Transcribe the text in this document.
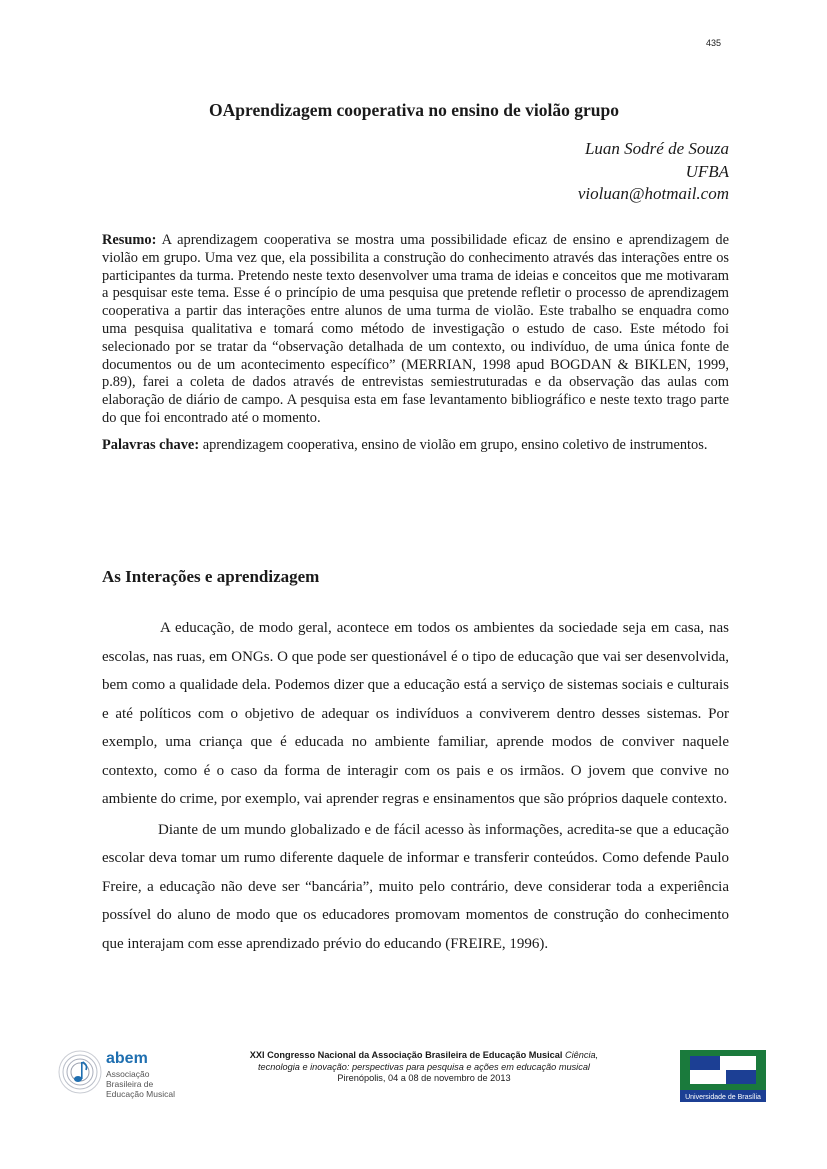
435
OAprendizagem cooperativa no ensino de violão grupo
Luan Sodré de Souza
UFBA
violuan@hotmail.com

Resumo: A aprendizagem cooperativa se mostra uma possibilidade eficaz de ensino e aprendizagem de violão em grupo. Uma vez que, ela possibilita a construção do conhecimento através das interações entre os participantes da turma. Pretendo neste texto desenvolver uma trama de ideias e conceitos que me motivaram a pesquisar este tema. Esse é o princípio de uma pesquisa que pretende refletir o processo de aprendizagem cooperativa a partir das interações entre alunos de uma turma de violão. Este trabalho se enquadra como uma pesquisa qualitativa e tomará como método de investigação o estudo de caso. Este método foi selecionado por se tratar da “observação detalhada de um contexto, ou indivíduo, de uma única fonte de documentos ou de um acontecimento específico” (MERRIAN, 1998 apud BOGDAN & BIKLEN, 1999, p.89), farei a coleta de dados através de entrevistas semiestruturadas e da observação das aulas com elaboração de diário de campo. A pesquisa esta em fase levantamento bibliográfico e neste texto trago parte do que foi encontrado até o momento.

Palavras chave: aprendizagem cooperativa, ensino de violão em grupo, ensino coletivo de instrumentos.

As Interações e aprendizagem

A educação, de modo geral, acontece em todos os ambientes da sociedade seja em casa, nas escolas, nas ruas, em ONGs. O que pode ser questionável é o tipo de educação que vai ser desenvolvida, bem como a qualidade dela. Podemos dizer que a educação está a serviço de sistemas sociais e culturais e até políticos com o objetivo de adequar os indivíduos a conviverem dentro desses sistemas. Por exemplo, uma criança que é educada no ambiente familiar, aprende modos de conviver naquele contexto, como é o caso da forma de interagir com os pais e os irmãos. O jovem que convive no ambiente do crime, por exemplo, vai aprender regras e ensinamentos que são próprios daquele contexto.

Diante de um mundo globalizado e de fácil acesso às informações, acredita-se que a educação escolar deva tomar um rumo diferente daquele de informar e transferir conteúdos. Como defende Paulo Freire, a educação não deve ser “bancária”, muito pelo contrário, deve considerar toda a experiência possível do aluno de modo que os educadores promovam momentos de construção do conhecimento que interajam com esse aprendizado prévio do educando (FREIRE, 1996).

abem
Associação Brasileira de Educação Musical
XXI Congresso Nacional da Associação Brasileira de Educação Musical Ciência,
tecnologia e inovação: perspectivas para pesquisa e ações em educação musical
Pirenópolis, 04 a 08 de novembro de 2013
Universidade de Brasília
